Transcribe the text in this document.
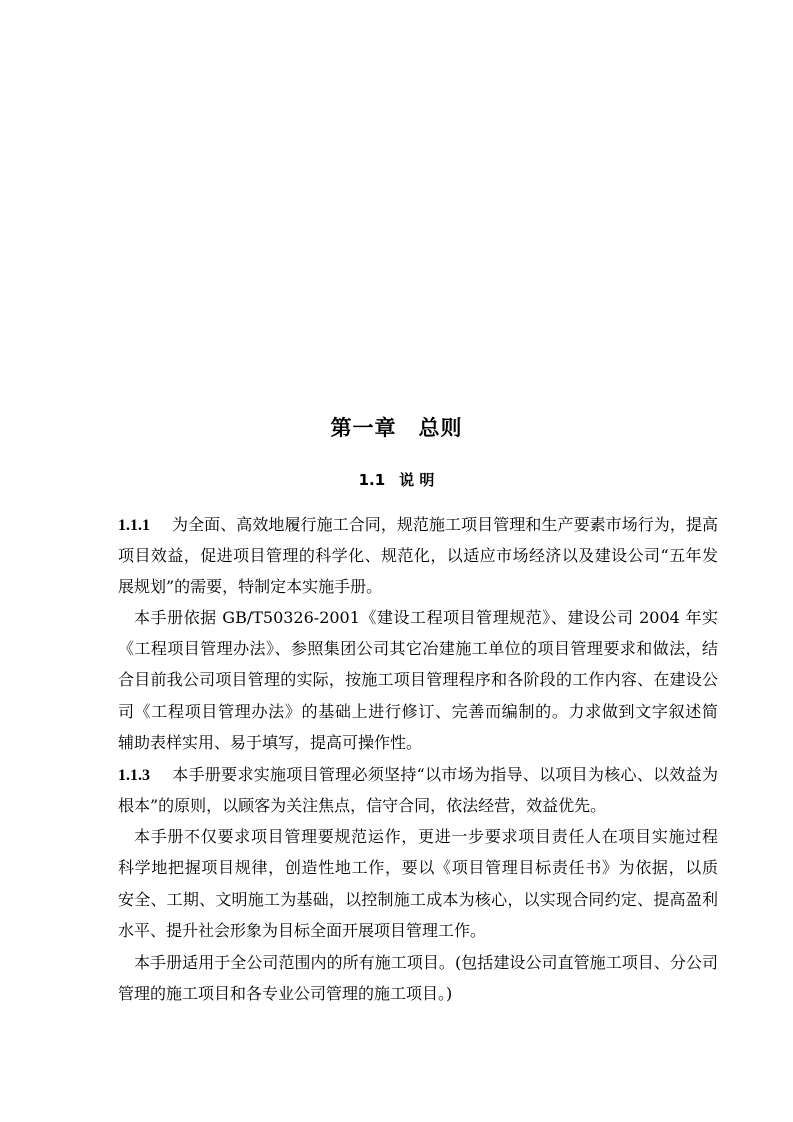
第一章 总则
1.1 说 明
1.1.1 为全面、高效地履行施工合同，规范施工项目管理和生产要素市场行为，提高
项目效益，促进项目管理的科学化、规范化，以适应市场经济以及建设公司“五年发
展规划”的需要，特制定本实施手册。
本手册依据 GB/T50326-2001《建设工程项目管理规范》、建设公司 2004 年实
《工程项目管理办法》、参照集团公司其它冶建施工单位的项目管理要求和做法，结
合目前我公司项目管理的实际，按施工项目管理程序和各阶段的工作内容、在建设公
司《工程项目管理办法》的基础上进行修订、完善而编制的。力求做到文字叙述简
辅助表样实用、易于填写，提高可操作性。
1.1.3 本手册要求实施项目管理必须坚持“以市场为指导、以项目为核心、以效益为
根本”的原则，以顾客为关注焦点，信守合同，依法经营，效益优先。
本手册不仅要求项目管理要规范运作，更进一步要求项目责任人在项目实施过程
科学地把握项目规律，创造性地工作，要以《项目管理目标责任书》为依据，以质
安全、工期、文明施工为基础，以控制施工成本为核心，以实现合同约定、提高盈利
水平、提升社会形象为目标全面开展项目管理工作。
本手册适用于全公司范围内的所有施工项目。(包括建设公司直管施工项目、分公司
管理的施工项目和各专业公司管理的施工项目。)
